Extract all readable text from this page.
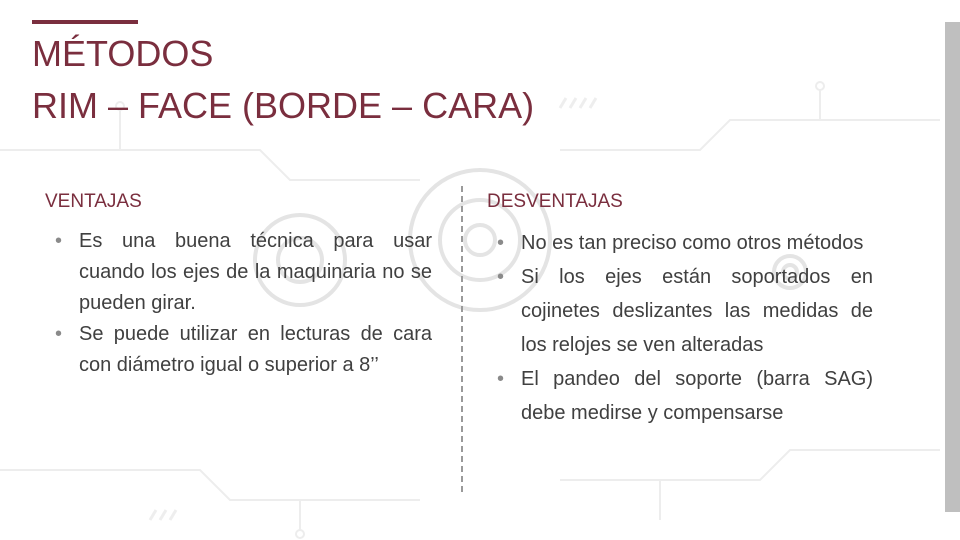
MÉTODOS
RIM – FACE (BORDE – CARA)
VENTAJAS	DESVENTAJAS
• Es una buena técnica para usar cuando los ejes de la maquinaria no se pueden girar.
• Se puede utilizar en lecturas de cara con diámetro igual o superior a 8’’
• No es tan preciso como otros métodos
• Si los ejes están soportados en cojinetes deslizantes las medidas de los relojes se ven alteradas
• El pandeo del soporte (barra SAG) debe medirse y compensarse
